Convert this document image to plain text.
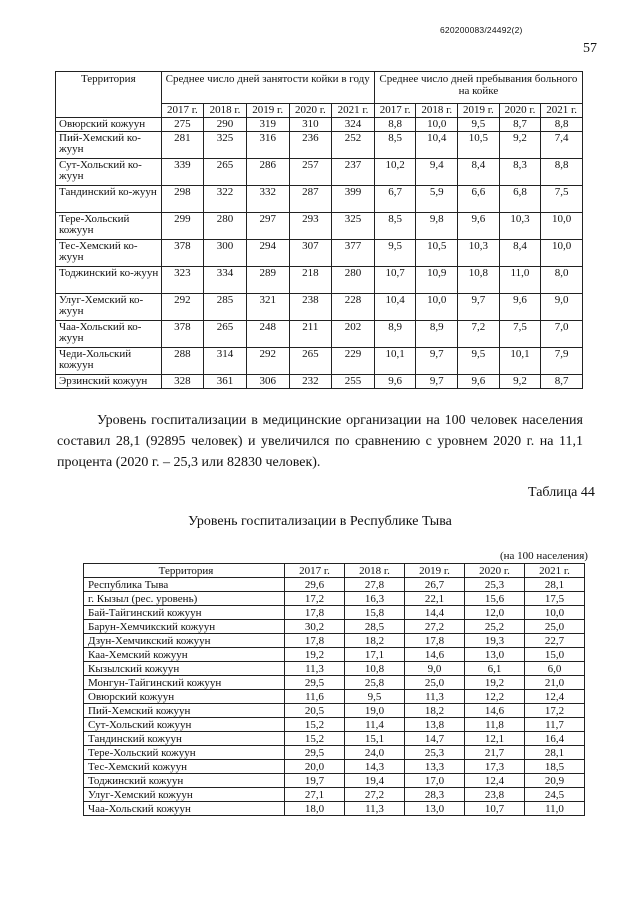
620200083/24492(2)
57
Территория	Среднее число дней занятости койки в году					Среднее число дней пребывания больного на койке				
	2017 г.	2018 г.	2019 г.	2020 г.	2021 г.	2017 г.	2018 г.	2019 г.	2020 г.	2021 г.
Овюрский кожуун	275	290	319	310	324	8,8	10,0	9,5	8,7	8,8
Пий-Хемский ко-жуун	281	325	316	236	252	8,5	10,4	10,5	9,2	7,4
Сут-Хольский ко-жуун	339	265	286	257	237	10,2	9,4	8,4	8,3	8,8
Тандинский ко-жуун	298	322	332	287	399	6,7	5,9	6,6	6,8	7,5
Тере-Хольский кожуун	299	280	297	293	325	8,5	9,8	9,6	10,3	10,0
Тес-Хемский ко-жуун	378	300	294	307	377	9,5	10,5	10,3	8,4	10,0
Тоджинский ко-жуун	323	334	289	218	280	10,7	10,9	10,8	11,0	8,0
Улуг-Хемский ко-жуун	292	285	321	238	228	10,4	10,0	9,7	9,6	9,0
Чаа-Хольский ко-жуун	378	265	248	211	202	8,9	8,9	7,2	7,5	7,0
Чеди-Хольский кожуун	288	314	292	265	229	10,1	9,7	9,5	10,1	7,9
Эрзинский кожуун	328	361	306	232	255	9,6	9,7	9,6	9,2	8,7
Уровень госпитализации в медицинские организации на 100 человек населения составил 28,1 (92895 человек) и увеличился по сравнению с уровнем 2020 г. на 11,1 процента (2020 г. – 25,3 или 82830 человек).
Таблица 44
Уровень госпитализации в Республике Тыва
(на 100 населения)
Территория	2017 г.	2018 г.	2019 г.	2020 г.	2021 г.
Республика Тыва	29,6	27,8	26,7	25,3	28,1
г. Кызыл (рес. уровень)	17,2	16,3	22,1	15,6	17,5
Бай-Тайгинский кожуун	17,8	15,8	14,4	12,0	10,0
Барун-Хемчикский кожуун	30,2	28,5	27,2	25,2	25,0
Дзун-Хемчикский кожуун	17,8	18,2	17,8	19,3	22,7
Каа-Хемский кожуун	19,2	17,1	14,6	13,0	15,0
Кызылский кожуун	11,3	10,8	9,0	6,1	6,0
Монгун-Тайгинский кожуун	29,5	25,8	25,0	19,2	21,0
Овюрский кожуун	11,6	9,5	11,3	12,2	12,4
Пий-Хемский кожуун	20,5	19,0	18,2	14,6	17,2
Сут-Хольский кожуун	15,2	11,4	13,8	11,8	11,7
Тандинский кожуун	15,2	15,1	14,7	12,1	16,4
Тере-Хольский кожуун	29,5	24,0	25,3	21,7	28,1
Тес-Хемский кожуун	20,0	14,3	13,3	17,3	18,5
Тоджинский кожуун	19,7	19,4	17,0	12,4	20,9
Улуг-Хемский кожуун	27,1	27,2	28,3	23,8	24,5
Чаа-Хольский кожуун	18,0	11,3	13,0	10,7	11,0
